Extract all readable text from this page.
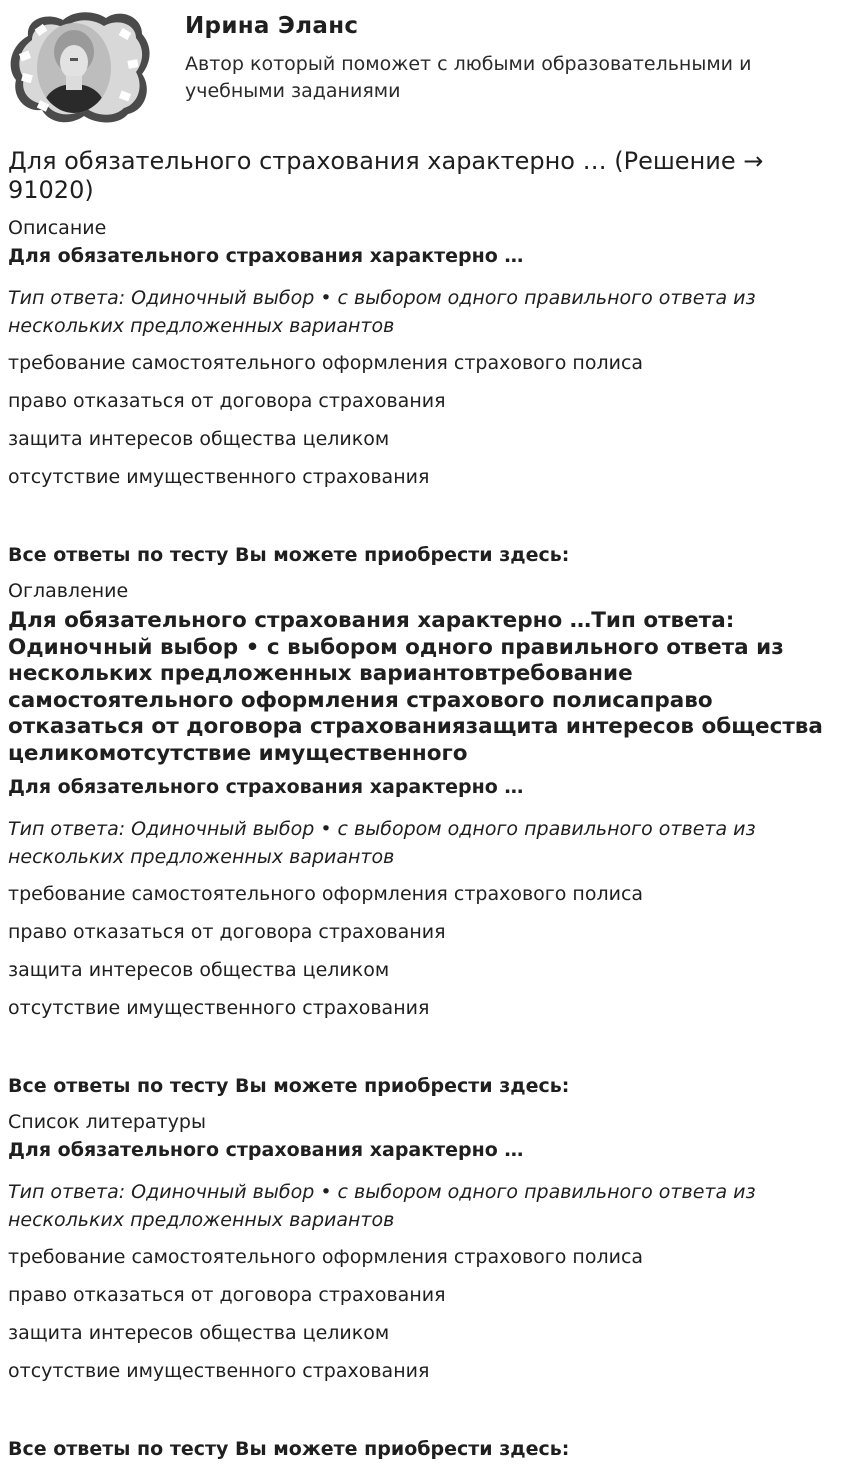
Ирина Эланс
Автор который поможет с любыми образовательными и учебными заданиями
Для обязательного страхования характерно … (Решение → 91020)
Описание
Для обязательного страхования характерно …
Тип ответа: Одиночный выбор • с выбором одного правильного ответа из нескольких предложенных вариантов
требование самостоятельного оформления страхового полиса
право отказаться от договора страхования
защита интересов общества целиком
отсутствие имущественного страхования
Все ответы по тесту Вы можете приобрести здесь:
Оглавление
Для обязательного страхования характерно …Тип ответа: Одиночный выбор • с выбором одного правильного ответа из нескольких предложенных вариантовтребование самостоятельного оформления страхового полисаправо отказаться от договора страхованиязащита интересов общества целикомотсутствие имущественного
Для обязательного страхования характерно …
Тип ответа: Одиночный выбор • с выбором одного правильного ответа из нескольких предложенных вариантов
требование самостоятельного оформления страхового полиса
право отказаться от договора страхования
защита интересов общества целиком
отсутствие имущественного страхования
Все ответы по тесту Вы можете приобрести здесь:
Список литературы
Для обязательного страхования характерно …
Тип ответа: Одиночный выбор • с выбором одного правильного ответа из нескольких предложенных вариантов
требование самостоятельного оформления страхового полиса
право отказаться от договора страхования
защита интересов общества целиком
отсутствие имущественного страхования
Все ответы по тесту Вы можете приобрести здесь:
